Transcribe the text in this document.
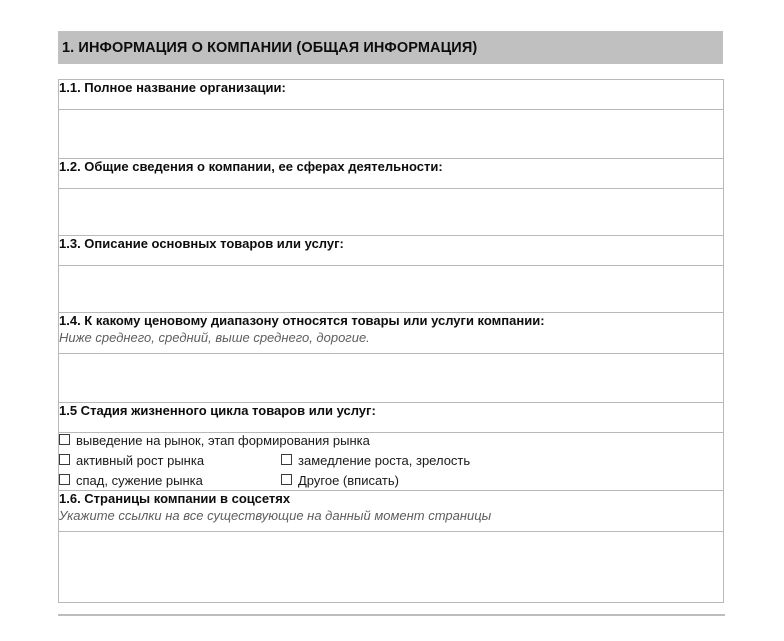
1. ИНФОРМАЦИЯ О КОМПАНИИ (ОБЩАЯ ИНФОРМАЦИЯ)
1.1. Полное название организации:

1.2. Общие сведения о компании, ее сферах деятельности:

1.3. Описание основных товаров или услуг:

1.4. К какому ценовому диапазону относятся товары или услуги компании:
Ниже среднего, средний, выше среднего, дорогие.

1.5 Стадия жизненного цикла товаров или услуг:

выведение на рынок, этап формирования рынка
активный рост рынка	замедление роста, зрелость
спад, сужение рынка	Другое (вписать)

1.6. Страницы компании в соцсетях
Укажите ссылки на все существующие на данный момент страницы
